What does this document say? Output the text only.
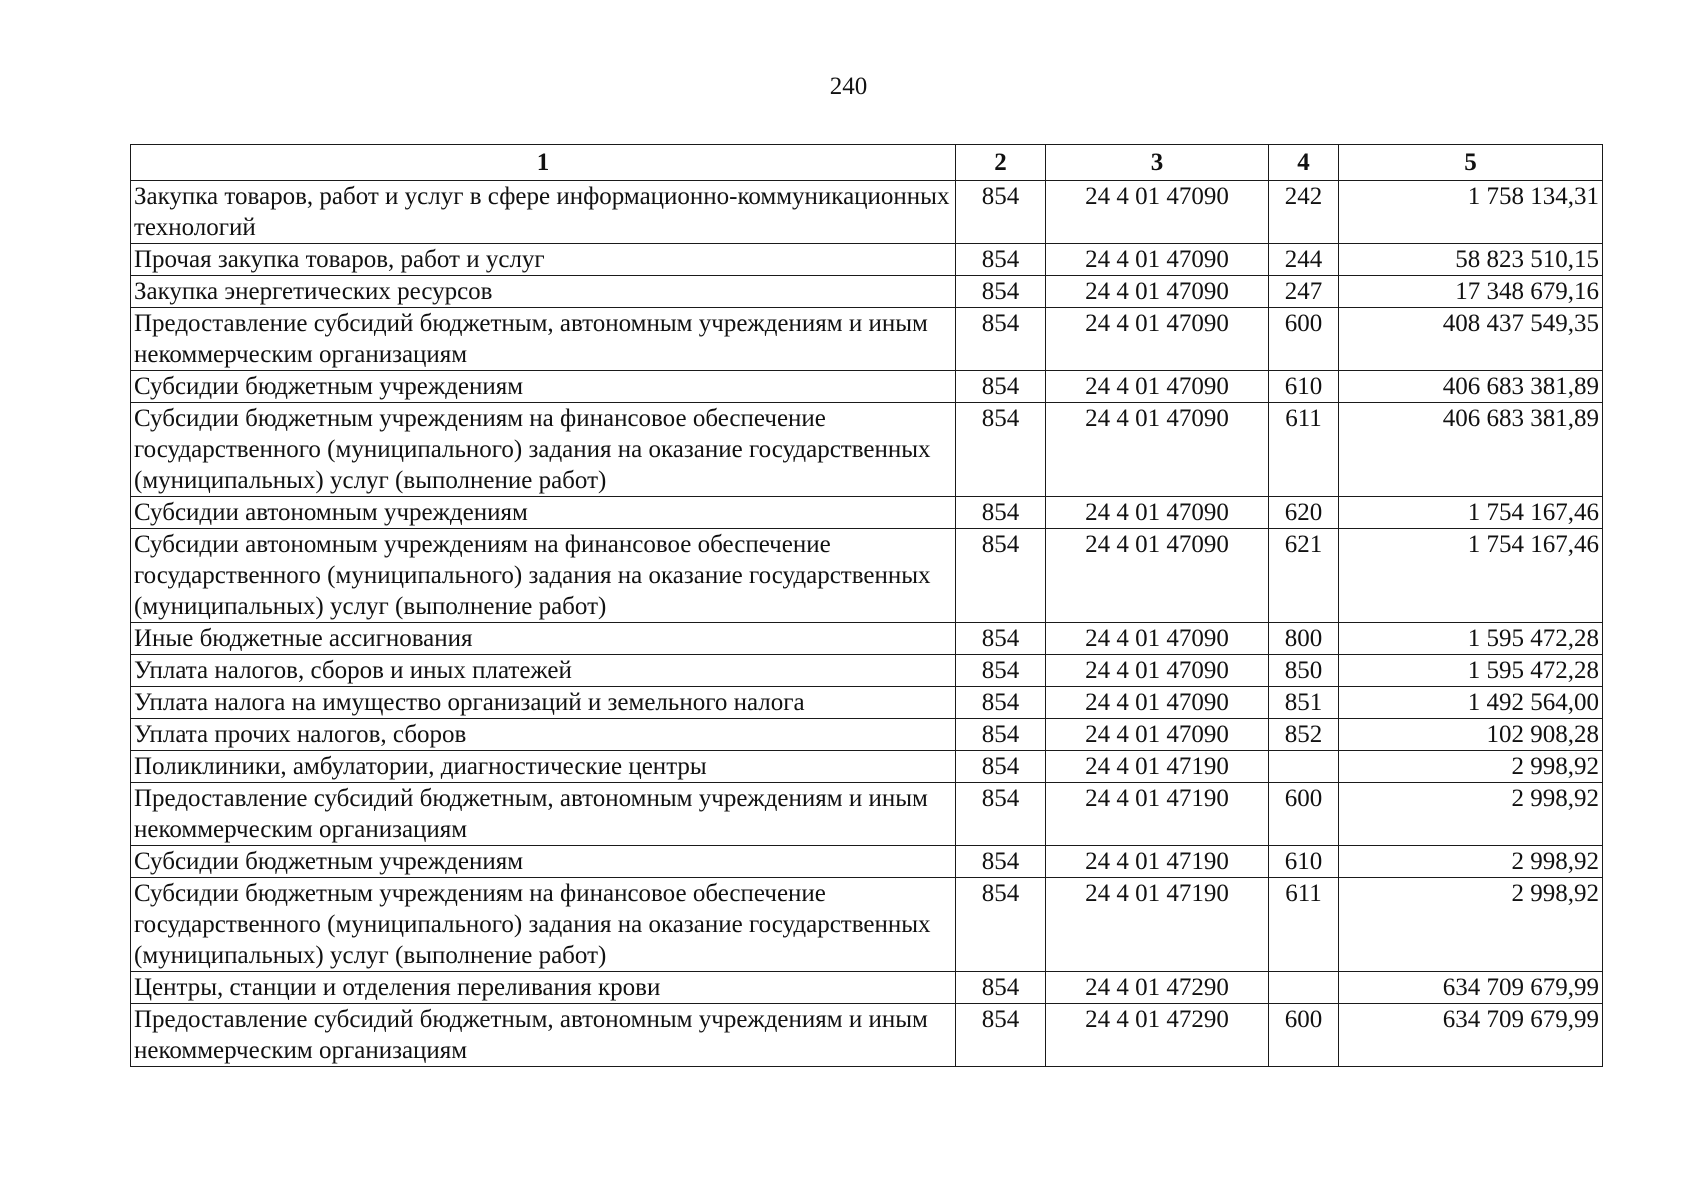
240
1	2	3	4	5
Закупка товаров, работ и услуг в сфере информационно-коммуникационных технологий	854	24 4 01 47090	242	1 758 134,31
Прочая закупка товаров, работ и услуг	854	24 4 01 47090	244	58 823 510,15
Закупка энергетических ресурсов	854	24 4 01 47090	247	17 348 679,16
Предоставление субсидий бюджетным, автономным учреждениям и иным некоммерческим организациям	854	24 4 01 47090	600	408 437 549,35
Субсидии бюджетным учреждениям	854	24 4 01 47090	610	406 683 381,89
Субсидии бюджетным учреждениям на финансовое обеспечение государственного (муниципального) задания на оказание государственных (муниципальных) услуг (выполнение работ)	854	24 4 01 47090	611	406 683 381,89
Субсидии автономным учреждениям	854	24 4 01 47090	620	1 754 167,46
Субсидии автономным учреждениям на финансовое обеспечение государственного (муниципального) задания на оказание государственных (муниципальных) услуг (выполнение работ)	854	24 4 01 47090	621	1 754 167,46
Иные бюджетные ассигнования	854	24 4 01 47090	800	1 595 472,28
Уплата налогов, сборов и иных платежей	854	24 4 01 47090	850	1 595 472,28
Уплата налога на имущество организаций и земельного налога	854	24 4 01 47090	851	1 492 564,00
Уплата прочих налогов, сборов	854	24 4 01 47090	852	102 908,28
Поликлиники, амбулатории, диагностические центры	854	24 4 01 47190		2 998,92
Предоставление субсидий бюджетным, автономным учреждениям и иным некоммерческим организациям	854	24 4 01 47190	600	2 998,92
Субсидии бюджетным учреждениям	854	24 4 01 47190	610	2 998,92
Субсидии бюджетным учреждениям на финансовое обеспечение государственного (муниципального) задания на оказание государственных (муниципальных) услуг (выполнение работ)	854	24 4 01 47190	611	2 998,92
Центры, станции и отделения переливания крови	854	24 4 01 47290		634 709 679,99
Предоставление субсидий бюджетным, автономным учреждениям и иным некоммерческим организациям	854	24 4 01 47290	600	634 709 679,99
